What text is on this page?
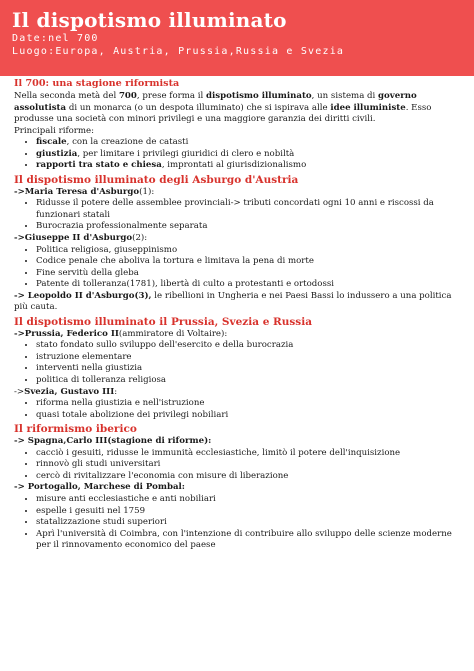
Il dispotismo illuminato
Date:nel 700
Luogo:Europa, Austria, Prussia,Russia e Svezia
Il 700: una stagione riformista

Nella seconda metà del 700, prese forma il dispotismo illuminato, un sistema di governo assolutista di un monarca (o un despota illuminato) che si ispirava alle idee illuministe. Esso produsse una società con minori privilegi e una maggiore garanzia dei diritti civili.

Principali riforme:

• fiscale, con la creazione de catasti
• giustizia, per limitare i privilegi giuridici di clero e nobiltà
• rapporti tra stato e chiesa, improntati al giurisdizionalismo
Il dispotismo illuminato degli Asburgo d'Austria

->Maria Teresa d'Asburgo(1):

• Ridusse il potere delle assemblee provinciali-> tributi concordati ogni 10 anni e riscossi da funzionari statali
• Burocrazia professionalmente separata

->Giuseppe II d'Asburgo(2):

• Politica religiosa, giuseppinismo
• Codice penale che aboliva la tortura e limitava la pena di morte
• Fine servitù della gleba
• Patente di tolleranza(1781), libertà di culto a protestanti e ortodossi

-> Leopoldo II d'Asburgo(3), le ribellioni in Ungheria e nei Paesi Bassi lo indussero a una politica più cauta.

Il dispotismo illuminato il Prussia, Svezia e Russia

->Prussia, Federico II(ammiratore di Voltaire):

• stato fondato sullo sviluppo dell'esercito e della burocrazia
• istruzione elementare
• interventi nella giustizia
• politica di tolleranza religiosa

->Svezia, Gustavo III:

• riforma nella giustizia e nell'istruzione
• quasi totale abolizione dei privilegi nobiliari
Il riformismo iberico

-> Spagna,Carlo III(stagione di riforme):

• cacciò i gesuiti, ridusse le immunità ecclesiastiche, limitò il potere dell'inquisizione
• rinnovò gli studi universitari
• cercò di rivitalizzare l'economia con misure di liberazione

-> Portogallo, Marchese di Pombal:

• misure anti ecclesiastiche e anti nobiliari
• espelle i gesuiti nel 1759
• statalizzazione studi superiori
• Aprì l'università di Coimbra, con l'intenzione di contribuire allo sviluppo delle scienze moderne per il rinnovamento economico del paese
